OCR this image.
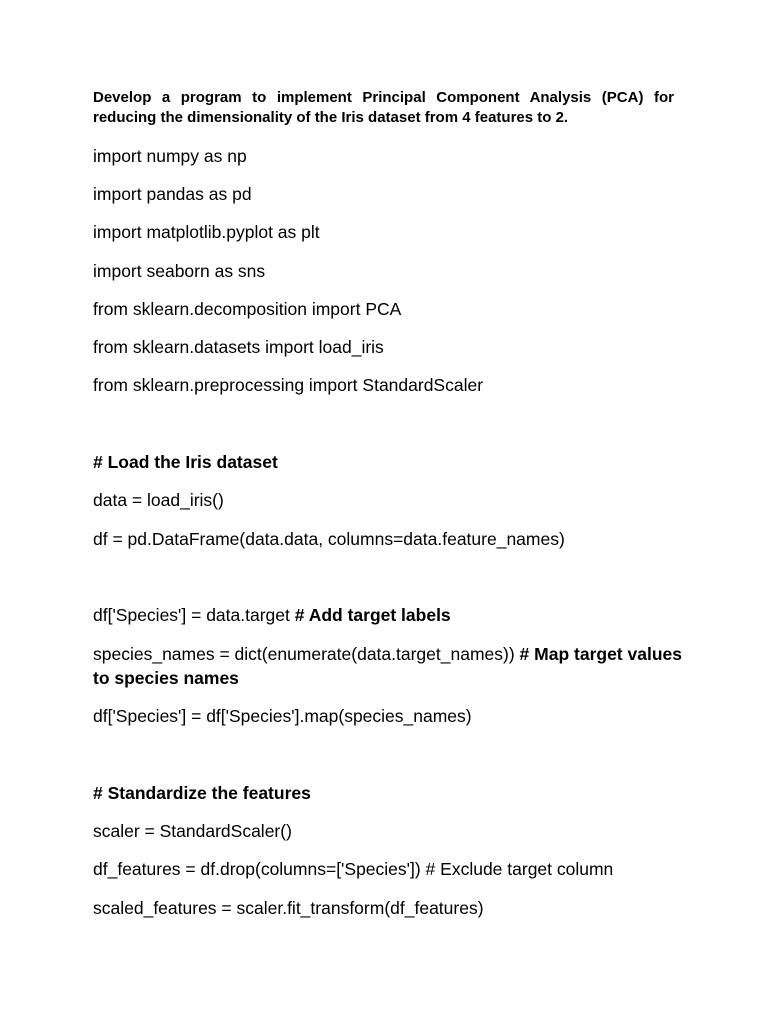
Develop a program to implement Principal Component Analysis (PCA) for reducing the dimensionality of the Iris dataset from 4 features to 2.
import numpy as np
import pandas as pd
import matplotlib.pyplot as plt
import seaborn as sns
from sklearn.decomposition import PCA
from sklearn.datasets import load_iris
from sklearn.preprocessing import StandardScaler
# Load the Iris dataset
data = load_iris()
df = pd.DataFrame(data.data, columns=data.feature_names)
df['Species'] = data.target # Add target labels
species_names = dict(enumerate(data.target_names)) # Map target values to species names
df['Species'] = df['Species'].map(species_names)
# Standardize the features
scaler = StandardScaler()
df_features = df.drop(columns=['Species']) # Exclude target column
scaled_features = scaler.fit_transform(df_features)
